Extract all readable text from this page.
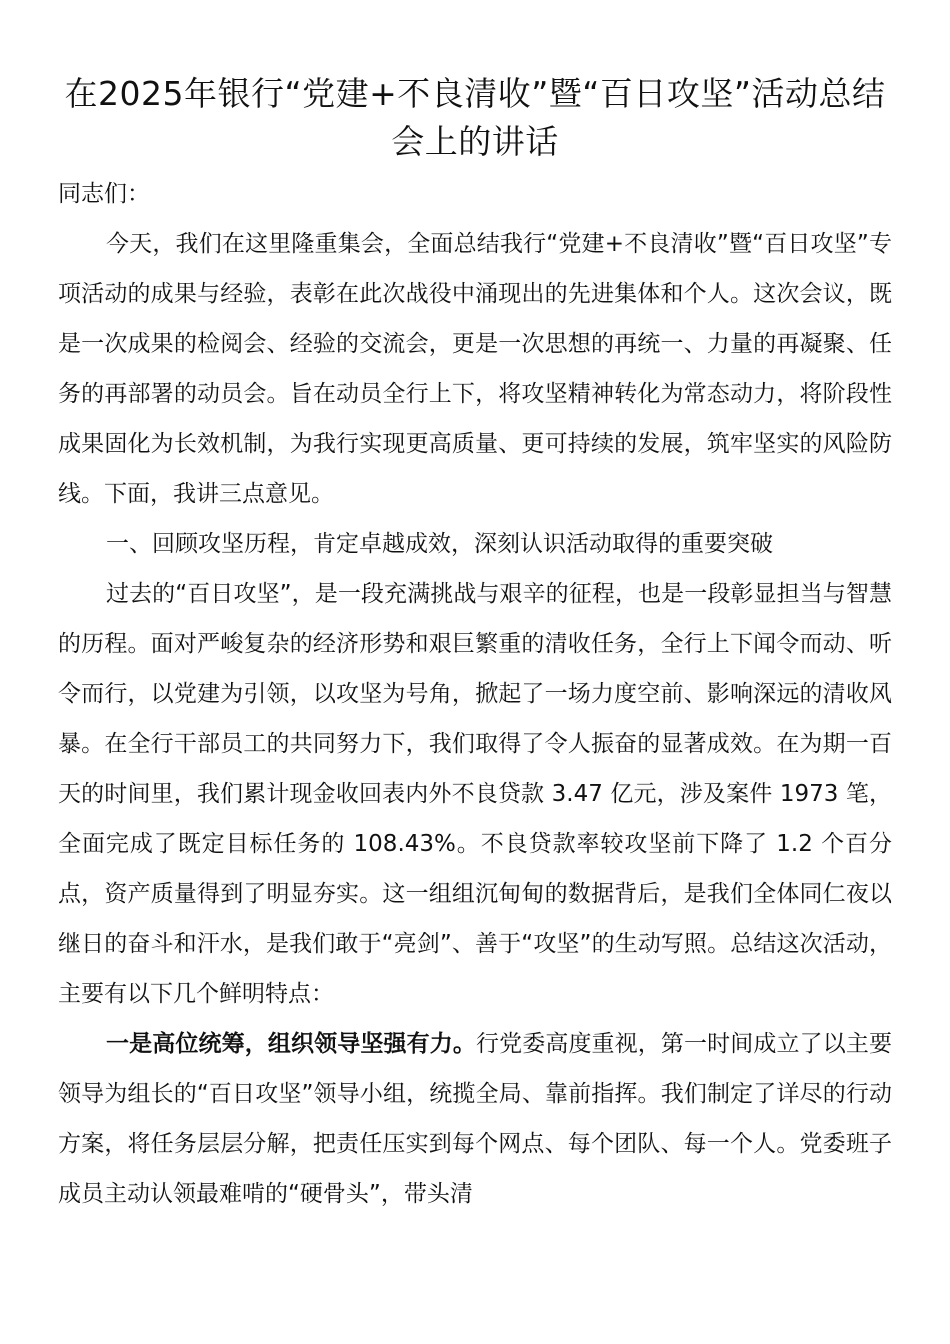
在2025年银行“党建+不良清收”暨“百日攻坚”活动总结会上的讲话

同志们：

今天，我们在这里隆重集会，全面总结我行“党建+不良清收”暨“百日攻坚”专项活动的成果与经验，表彰在此次战役中涌现出的先进集体和个人。这次会议，既是一次成果的检阅会、经验的交流会，更是一次思想的再统一、力量的再凝聚、任务的再部署的动员会。旨在动员全行上下，将攻坚精神转化为常态动力，将阶段性成果固化为长效机制，为我行实现更高质量、更可持续的发展，筑牢坚实的风险防线。下面，我讲三点意见。

一、回顾攻坚历程，肯定卓越成效，深刻认识活动取得的重要突破

过去的“百日攻坚”，是一段充满挑战与艰辛的征程，也是一段彰显担当与智慧的历程。面对严峻复杂的经济形势和艰巨繁重的清收任务，全行上下闻令而动、听令而行，以党建为引领，以攻坚为号角，掀起了一场力度空前、影响深远的清收风暴。在全行干部员工的共同努力下，我们取得了令人振奋的显著成效。在为期一百天的时间里，我们累计现金收回表内外不良贷款 3.47 亿元，涉及案件 1973 笔，全面完成了既定目标任务的 108.43%。不良贷款率较攻坚前下降了 1.2 个百分点，资产质量得到了明显夯实。这一组组沉甸甸的数据背后，是我们全体同仁夜以继日的奋斗和汗水，是我们敢于“亮剑”、善于“攻坚”的生动写照。总结这次活动，主要有以下几个鲜明特点：

一是高位统筹，组织领导坚强有力。行党委高度重视，第一时间成立了以主要领导为组长的“百日攻坚”领导小组，统揽全局、靠前指挥。我们制定了详尽的行动方案，将任务层层分解，把责任压实到每个网点、每个团队、每一个人。党委班子成员主动认领最难啃的“硬骨头”，带头清
